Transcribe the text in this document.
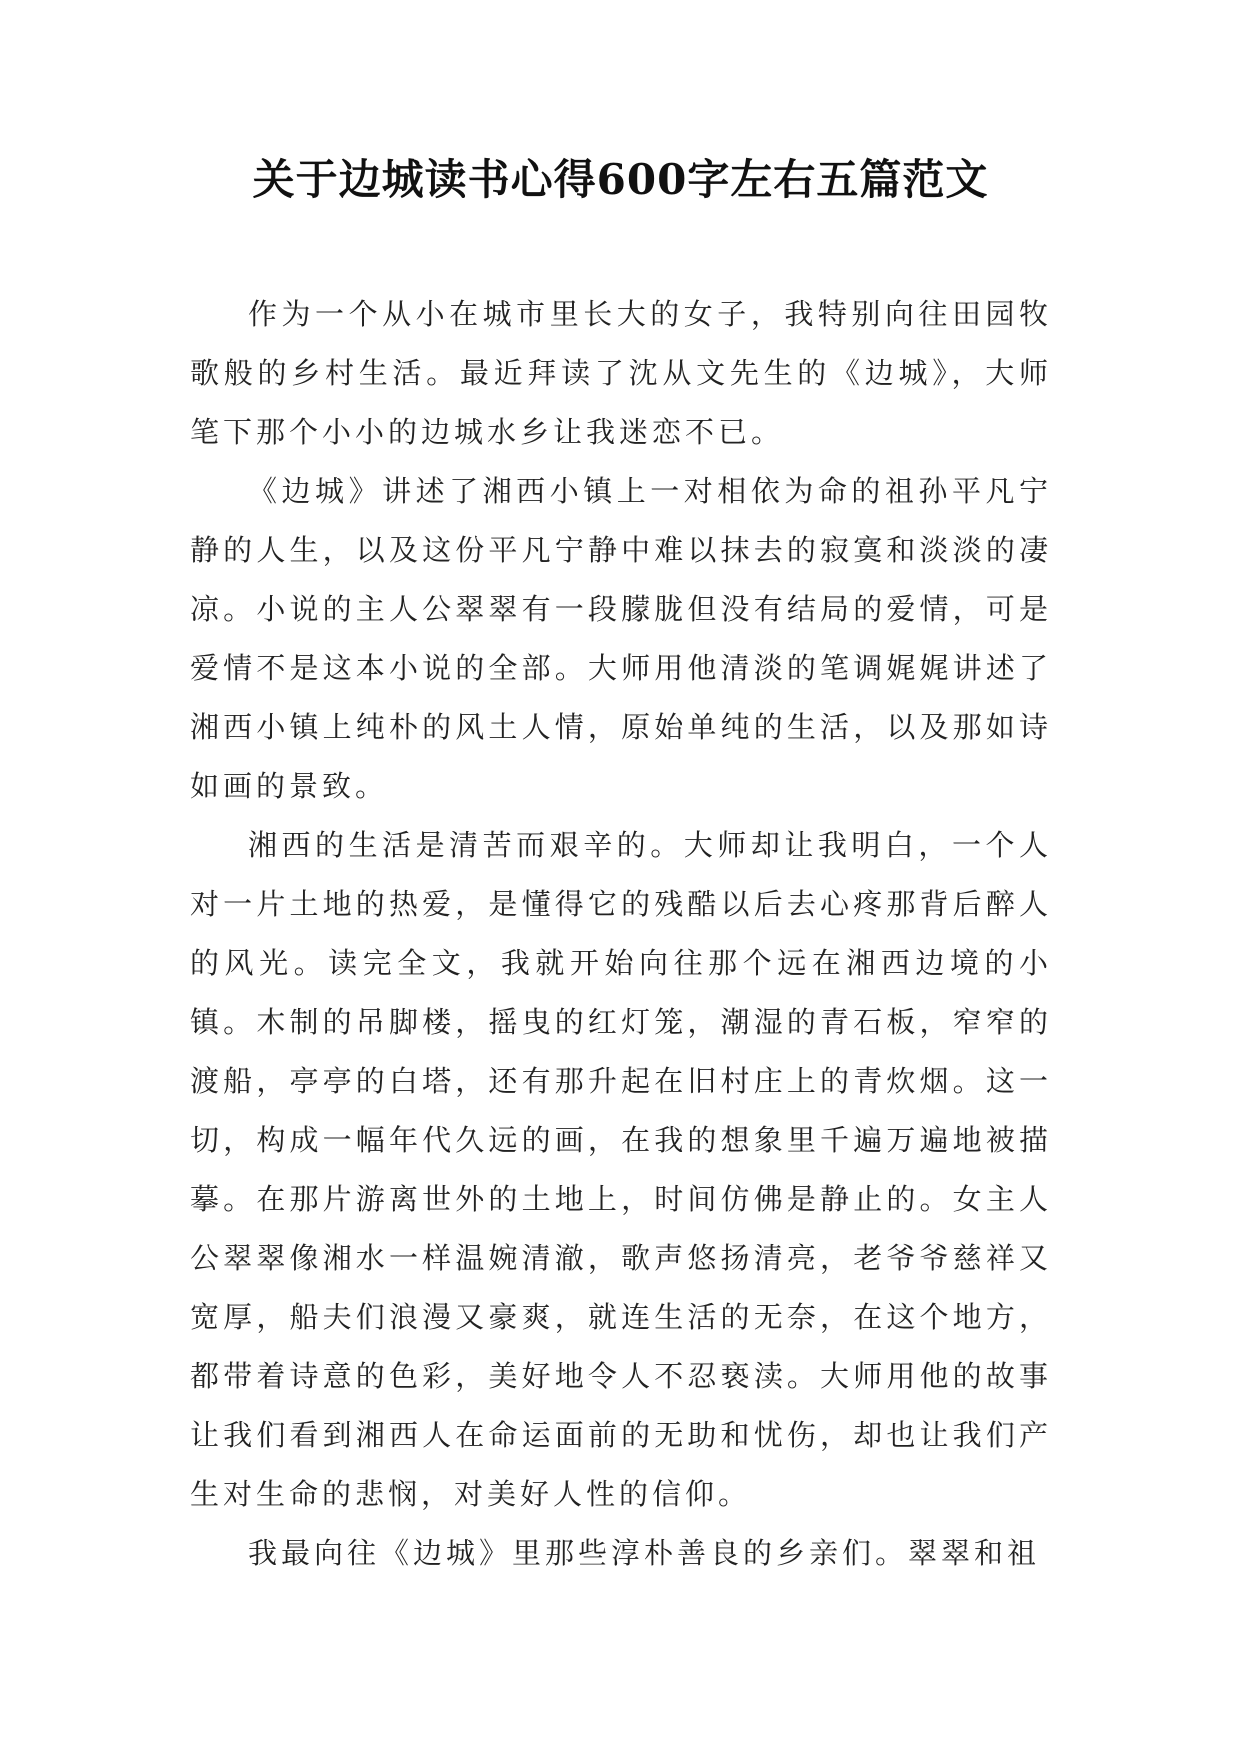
关于边城读书心得600字左右五篇范文

作为一个从小在城市里长大的女子，我特别向往田园牧歌般的乡村生活。最近拜读了沈从文先生的《边城》，大师笔下那个小小的边城水乡让我迷恋不已。

《边城》讲述了湘西小镇上一对相依为命的祖孙平凡宁静的人生，以及这份平凡宁静中难以抹去的寂寞和淡淡的凄凉。小说的主人公翠翠有一段朦胧但没有结局的爱情，可是爱情不是这本小说的全部。大师用他清淡的笔调娓娓讲述了湘西小镇上纯朴的风土人情，原始单纯的生活，以及那如诗如画的景致。

湘西的生活是清苦而艰辛的。大师却让我明白，一个人对一片土地的热爱，是懂得它的残酷以后去心疼那背后醉人的风光。读完全文，我就开始向往那个远在湘西边境的小镇。木制的吊脚楼，摇曳的红灯笼，潮湿的青石板，窄窄的渡船，亭亭的白塔，还有那升起在旧村庄上的青炊烟。这一切，构成一幅年代久远的画，在我的想象里千遍万遍地被描摹。在那片游离世外的土地上，时间仿佛是静止的。女主人公翠翠像湘水一样温婉清澈，歌声悠扬清亮，老爷爷慈祥又宽厚，船夫们浪漫又豪爽，就连生活的无奈，在这个地方，都带着诗意的色彩，美好地令人不忍亵渎。大师用他的故事让我们看到湘西人在命运面前的无助和忧伤，却也让我们产生对生命的悲悯，对美好人性的信仰。

我最向往《边城》里那些淳朴善良的乡亲们。翠翠和祖
